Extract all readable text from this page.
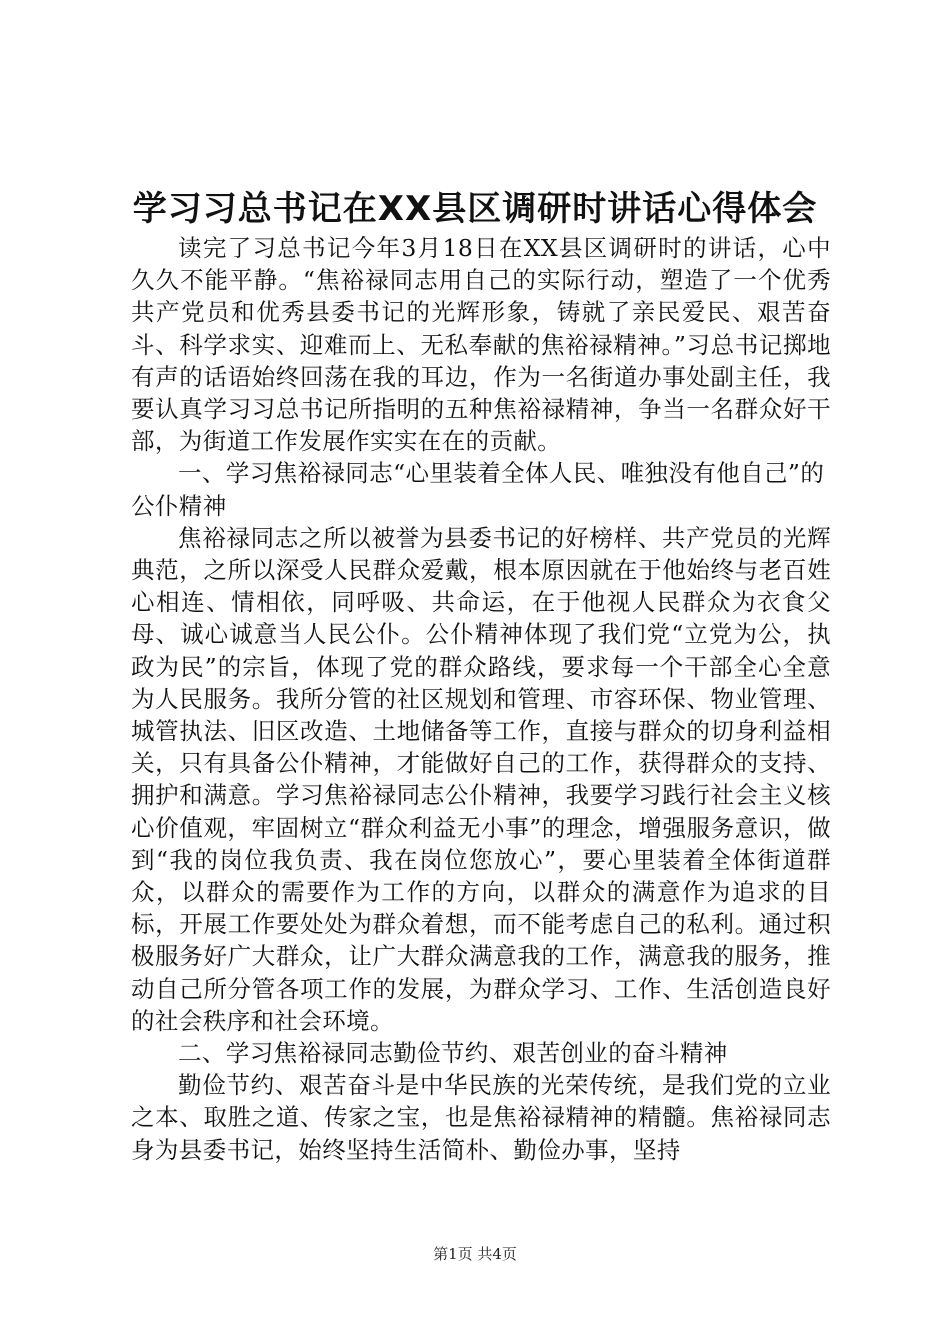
学习习总书记在XX县区调研时讲话心得体会

读完了习总书记今年3月18日在XX县区调研时的讲话，心中久久不能平静。“焦裕禄同志用自己的实际行动，塑造了一个优秀共产党员和优秀县委书记的光辉形象，铸就了亲民爱民、艰苦奋斗、科学求实、迎难而上、无私奉献的焦裕禄精神。”习总书记掷地有声的话语始终回荡在我的耳边，作为一名街道办事处副主任，我要认真学习习总书记所指明的五种焦裕禄精神，争当一名群众好干部，为街道工作发展作实实在在的贡献。

一、学习焦裕禄同志“心里装着全体人民、唯独没有他自己”的公仆精神

焦裕禄同志之所以被誉为县委书记的好榜样、共产党员的光辉典范，之所以深受人民群众爱戴，根本原因就在于他始终与老百姓心相连、情相依，同呼吸、共命运，在于他视人民群众为衣食父母、诚心诚意当人民公仆。公仆精神体现了我们党“立党为公，执政为民”的宗旨，体现了党的群众路线，要求每一个干部全心全意为人民服务。我所分管的社区规划和管理、市容环保、物业管理、城管执法、旧区改造、土地储备等工作，直接与群众的切身利益相关，只有具备公仆精神，才能做好自己的工作，获得群众的支持、拥护和满意。学习焦裕禄同志公仆精神，我要学习践行社会主义核心价值观，牢固树立“群众利益无小事”的理念，增强服务意识，做到“我的岗位我负责、我在岗位您放心”，要心里装着全体街道群众，以群众的需要作为工作的方向，以群众的满意作为追求的目标，开展工作要处处为群众着想，而不能考虑自己的私利。通过积极服务好广大群众，让广大群众满意我的工作，满意我的服务，推动自己所分管各项工作的发展，为群众学习、工作、生活创造良好的社会秩序和社会环境。

二、学习焦裕禄同志勤俭节约、艰苦创业的奋斗精神

勤俭节约、艰苦奋斗是中华民族的光荣传统，是我们党的立业之本、取胜之道、传家之宝，也是焦裕禄精神的精髓。焦裕禄同志身为县委书记，始终坚持生活简朴、勤俭办事，坚持

第1页 共4页
